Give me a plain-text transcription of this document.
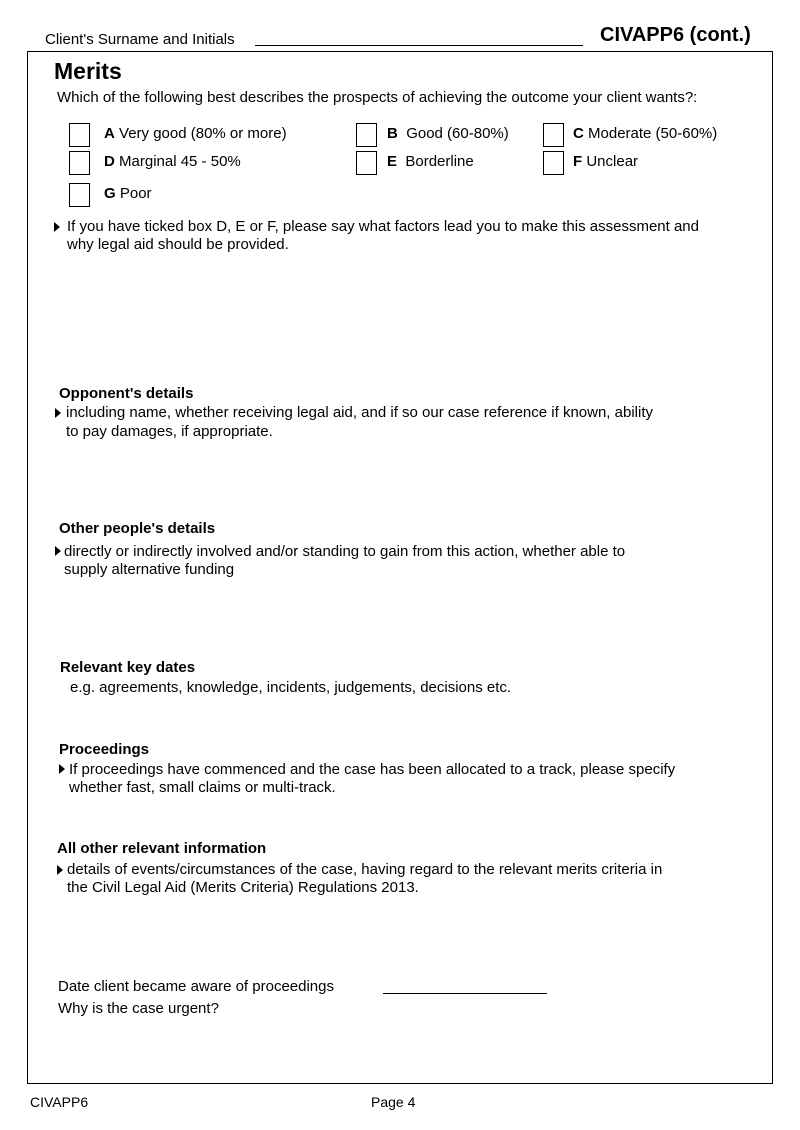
Client's Surname and Initials	CIVAPP6 (cont.)
Merits
Which of the following best describes the prospects of achieving the outcome your client wants?:
A Very good (80% or more)	B Good (60-80%)	C Moderate (50-60%)
D Marginal 45 - 50%	E Borderline	F Unclear
G Poor
If you have ticked box D, E or F, please say what factors lead you to make this assessment and
why legal aid should be provided.
Opponent's details
including name, whether receiving legal aid, and if so our case reference if known, ability
to pay damages, if appropriate.
Other people's details
directly or indirectly involved and/or standing to gain from this action, whether able to
supply alternative funding
Relevant key dates
e.g. agreements, knowledge, incidents, judgements, decisions etc.
Proceedings
If proceedings have commenced and the case has been allocated to a track, please specify
whether fast, small claims or multi-track.
All other relevant information
details of events/circumstances of the case, having regard to the relevant merits criteria in
the Civil Legal Aid (Merits Criteria) Regulations 2013.
Date client became aware of proceedings
Why is the case urgent?
CIVAPP6	Page 4
